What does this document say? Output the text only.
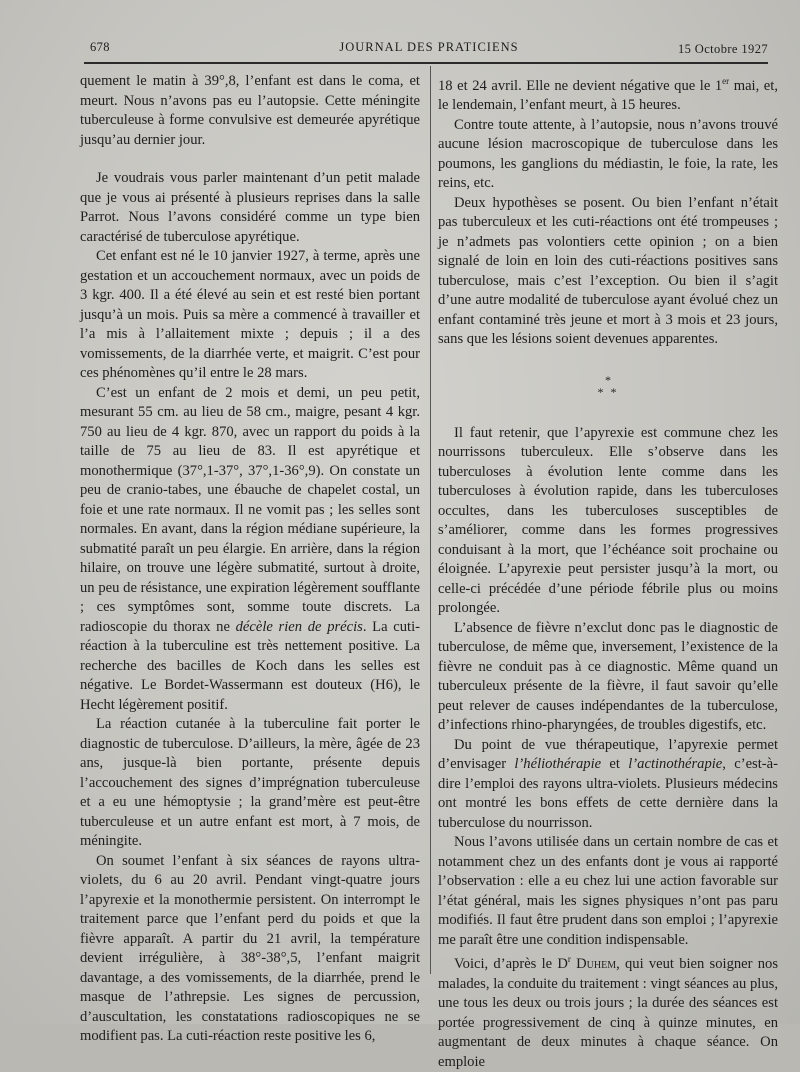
678	JOURNAL DES PRATICIENS	15 Octobre 1927

quement le matin à 39°,8, l’enfant est dans le coma, et meurt. Nous n’avons pas eu l’autopsie. Cette méningite tuberculeuse à forme convulsive est demeurée apyrétique jusqu’au dernier jour.

Je voudrais vous parler maintenant d’un petit malade que je vous ai présenté à plusieurs reprises dans la salle Parrot. Nous l’avons considéré comme un type bien caractérisé de tuberculose apyrétique.

Cet enfant est né le 10 janvier 1927, à terme, après une gestation et un accouchement normaux, avec un poids de 3 kgr. 400. Il a été élevé au sein et est resté bien portant jusqu’à un mois. Puis sa mère a commencé à travailler et l’a mis à l’allaitement mixte ; depuis ; il a des vomissements, de la diarrhée verte, et maigrit. C’est pour ces phénomènes qu’il entre le 28 mars.

C’est un enfant de 2 mois et demi, un peu petit, mesurant 55 cm. au lieu de 58 cm., maigre, pesant 4 kgr. 750 au lieu de 4 kgr. 870, avec un rapport du poids à la taille de 75 au lieu de 83. Il est apyrétique et monothermique (37°,1-37°, 37°,1-36°,9). On constate un peu de cranio-tabes, une ébauche de chapelet costal, un foie et une rate normaux. Il ne vomit pas ; les selles sont normales. En avant, dans la région médiane supérieure, la submatité paraît un peu élargie. En arrière, dans la région hilaire, on trouve une légère submatité, surtout à droite, un peu de résistance, une expiration légèrement soufflante ; ces symptômes sont, somme toute discrets. La radioscopie du thorax ne décèle rien de précis. La cuti-réaction à la tuberculine est très nettement positive. La recherche des bacilles de Koch dans les selles est négative. Le Bordet-Wassermann est douteux (H6), le Hecht légèrement positif.

La réaction cutanée à la tuberculine fait porter le diagnostic de tuberculose. D’ailleurs, la mère, âgée de 23 ans, jusque-là bien portante, présente depuis l’accouchement des signes d’imprégnation tuberculeuse et a eu une hémoptysie ; la grand’mère est peut-être tuberculeuse et un autre enfant est mort, à 7 mois, de méningite.

On soumet l’enfant à six séances de rayons ultra-violets, du 6 au 20 avril. Pendant vingt-quatre jours l’apyrexie et la monothermie persistent. On interrompt le traitement parce que l’enfant perd du poids et que la fièvre apparaît. A partir du 21 avril, la température devient irrégulière, à 38°-38°,5, l’enfant maigrit davantage, a des vomissements, de la diarrhée, prend le masque de l’athrepsie. Les signes de percussion, d’auscultation, les constatations radioscopiques ne se modifient pas. La cuti-réaction reste positive les 6,

18 et 24 avril. Elle ne devient négative que le 1er mai, et, le lendemain, l’enfant meurt, à 15 heures.

Contre toute attente, à l’autopsie, nous n’avons trouvé aucune lésion macroscopique de tuberculose dans les poumons, les ganglions du médiastin, le foie, la rate, les reins, etc.

Deux hypothèses se posent. Ou bien l’enfant n’était pas tuberculeux et les cuti-réactions ont été trompeuses ; je n’admets pas volontiers cette opinion ; on a bien signalé de loin en loin des cuti-réactions positives sans tuberculose, mais c’est l’exception. Ou bien il s’agit d’une autre modalité de tuberculose ayant évolué chez un enfant contaminé très jeune et mort à 3 mois et 23 jours, sans que les lésions soient devenues apparentes.

*
* *

Il faut retenir, que l’apyrexie est commune chez les nourrissons tuberculeux. Elle s’observe dans les tuberculoses à évolution lente comme dans les tuberculoses à évolution rapide, dans les tuberculoses occultes, dans les tuberculoses susceptibles de s’améliorer, comme dans les formes progressives conduisant à la mort, que l’échéance soit prochaine ou éloignée. L’apyrexie peut persister jusqu’à la mort, ou celle-ci précédée d’une période fébrile plus ou moins prolongée.

L’absence de fièvre n’exclut donc pas le diagnostic de tuberculose, de même que, inversement, l’existence de la fièvre ne conduit pas à ce diagnostic. Même quand un tuberculeux présente de la fièvre, il faut savoir qu’elle peut relever de causes indépendantes de la tuberculose, d’infections rhino-pharyngées, de troubles digestifs, etc.

Du point de vue thérapeutique, l’apyrexie permet d’envisager l’héliothérapie et l’actinothérapie, c’est-à-dire l’emploi des rayons ultra-violets. Plusieurs médecins ont montré les bons effets de cette dernière dans la tuberculose du nourrisson.

Nous l’avons utilisée dans un certain nombre de cas et notamment chez un des enfants dont je vous ai rapporté l’observation : elle a eu chez lui une action favorable sur l’état général, mais les signes physiques n’ont pas paru modifiés. Il faut être prudent dans son emploi ; l’apyrexie me paraît être une condition indispensable.

Voici, d’après le $D^r$ Duhem, qui veut bien soigner nos malades, la conduite du traitement : vingt séances au plus, une tous les deux ou trois jours ; la durée des séances est portée progressivement de cinq à quinze minutes, en augmentant de deux minutes à chaque séance. On emploie
